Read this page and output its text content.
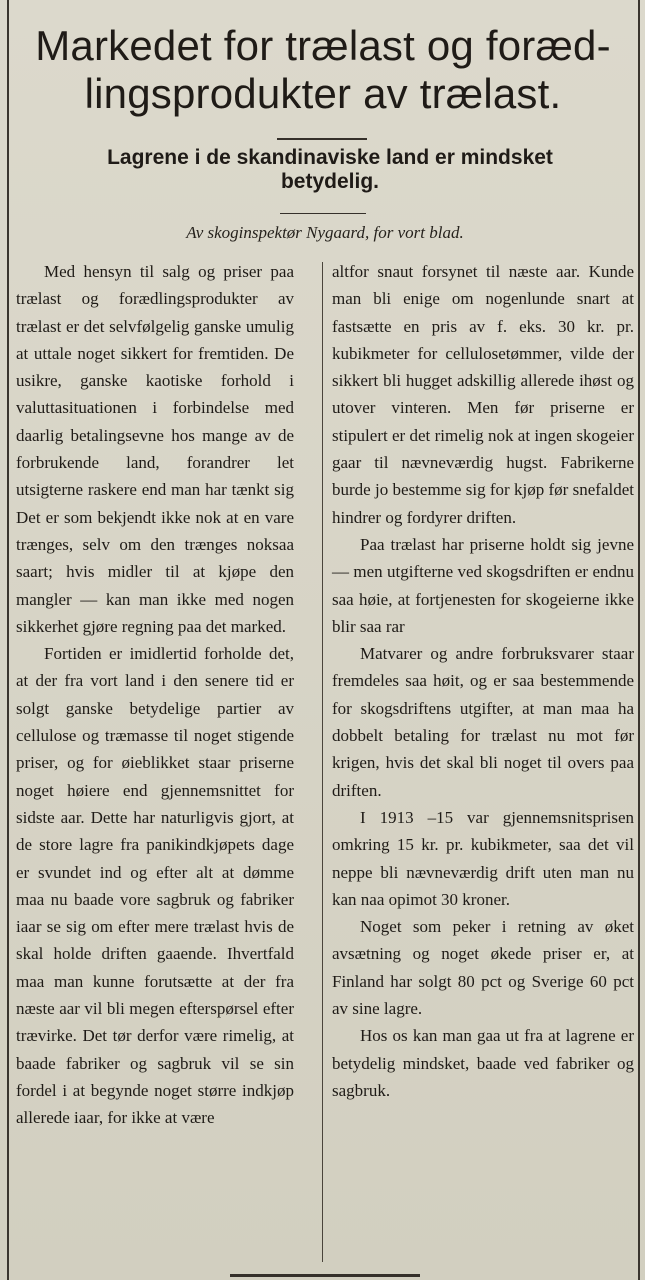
Markedet for trælast og foræd-
lingsprodukter av trælast.
Lagrene i de skandinaviske land er mindsket
betydelig.
Av skoginspektør Nygaard, for vort blad.

Med hensyn til salg og priser paa trælast og forædlingsprodukter av trælast er det selvfølgelig ganske umulig at uttale noget sikkert for fremtiden. De usikre, ganske kaotiske forhold i valuttasituationen i forbindelse med daarlig betalingsevne hos mange av de forbrukende land, forandrer let utsigterne raskere end man har tænkt sig Det er som bekjendt ikke nok at en vare trænges, selv om den trænges noksaa saart; hvis midler til at kjøpe den mangler — kan man ikke med nogen sikkerhet gjøre regning paa det marked.

Fortiden er imidlertid forholde det, at der fra vort land i den senere tid er solgt ganske betydelige partier av cellulose og træmasse til noget stigende priser, og for øieblikket staar priserne noget høiere end gjennemsnittet for sidste aar. Dette har naturligvis gjort, at de store lagre fra panikindkjøpets dage er svundet ind og efter alt at dømme maa nu baade vore sagbruk og fabriker iaar se sig om efter mere trælast hvis de skal holde driften gaaende. Ihvertfald maa man kunne forutsætte at der fra næste aar vil bli megen efterspørsel efter trævirke. Det tør derfor være rimelig, at baade fabriker og sagbruk vil se sin fordel i at begynde noget større indkjøp allerede iaar, for ikke at være

altfor snaut forsynet til næste aar. Kunde man bli enige om nogenlunde snart at fastsætte en pris av f. eks. 30 kr. pr. kubikmeter for cellulosetømmer, vilde der sikkert bli hugget adskillig allerede ihøst og utover vinteren. Men før priserne er stipulert er det rimelig nok at ingen skogeier gaar til nævneværdig hugst. Fabrikerne burde jo bestemme sig for kjøp før snefaldet hindrer og fordyrer driften.

Paa trælast har priserne holdt sig jevne — men utgifterne ved skogsdriften er endnu saa høie, at fortjenesten for skogeierne ikke blir saa rar

Matvarer og andre forbruksvarer staar fremdeles saa høit, og er saa bestemmende for skogsdriftens utgifter, at man maa ha dobbelt betaling for trælast nu mot før krigen, hvis det skal bli noget til overs paa driften.

I 1913 –15 var gjennemsnitsprisen omkring 15 kr. pr. kubikmeter, saa det vil neppe bli nævneværdig drift uten man nu kan naa opimot 30 kroner.

Noget som peker i retning av øket avsætning og noget økede priser er, at Finland har solgt 80 pct og Sverige 60 pct av sine lagre.

Hos os kan man gaa ut fra at lagrene er betydelig mindsket, baade ved fabriker og sagbruk.
